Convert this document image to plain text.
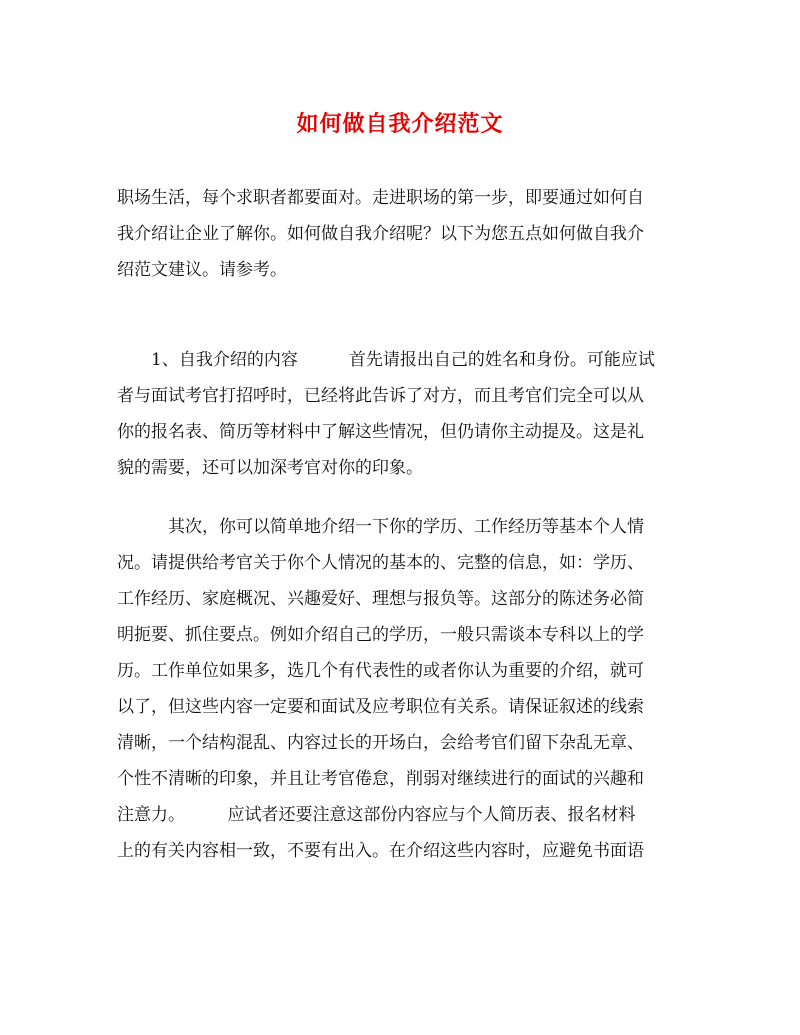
如何做自我介绍范文
职场生活，每个求职者都要面对。走进职场的第一步，即要通过如何自
我介绍让企业了解你。如何做自我介绍呢？以下为您五点如何做自我介
绍范文建议。请参考。
　　1、自我介绍的内容　　　首先请报出自己的姓名和身份。可能应试
者与面试考官打招呼时，已经将此告诉了对方，而且考官们完全可以从
你的报名表、简历等材料中了解这些情况，但仍请你主动提及。这是礼
貌的需要，还可以加深考官对你的印象。
　　　其次，你可以简单地介绍一下你的学历、工作经历等基本个人情
况。请提供给考官关于你个人情况的基本的、完整的信息，如：学历、
工作经历、家庭概况、兴趣爱好、理想与报负等。这部分的陈述务必简
明扼要、抓住要点。例如介绍自己的学历，一般只需谈本专科以上的学
历。工作单位如果多，选几个有代表性的或者你认为重要的介绍，就可
以了，但这些内容一定要和面试及应考职位有关系。请保证叙述的线索
清晰，一个结构混乱、内容过长的开场白，会给考官们留下杂乱无章、
个性不清晰的印象，并且让考官倦怠，削弱对继续进行的面试的兴趣和
注意力。　　　应试者还要注意这部份内容应与个人简历表、报名材料
上的有关内容相一致，不要有出入。在介绍这些内容时，应避免书面语
